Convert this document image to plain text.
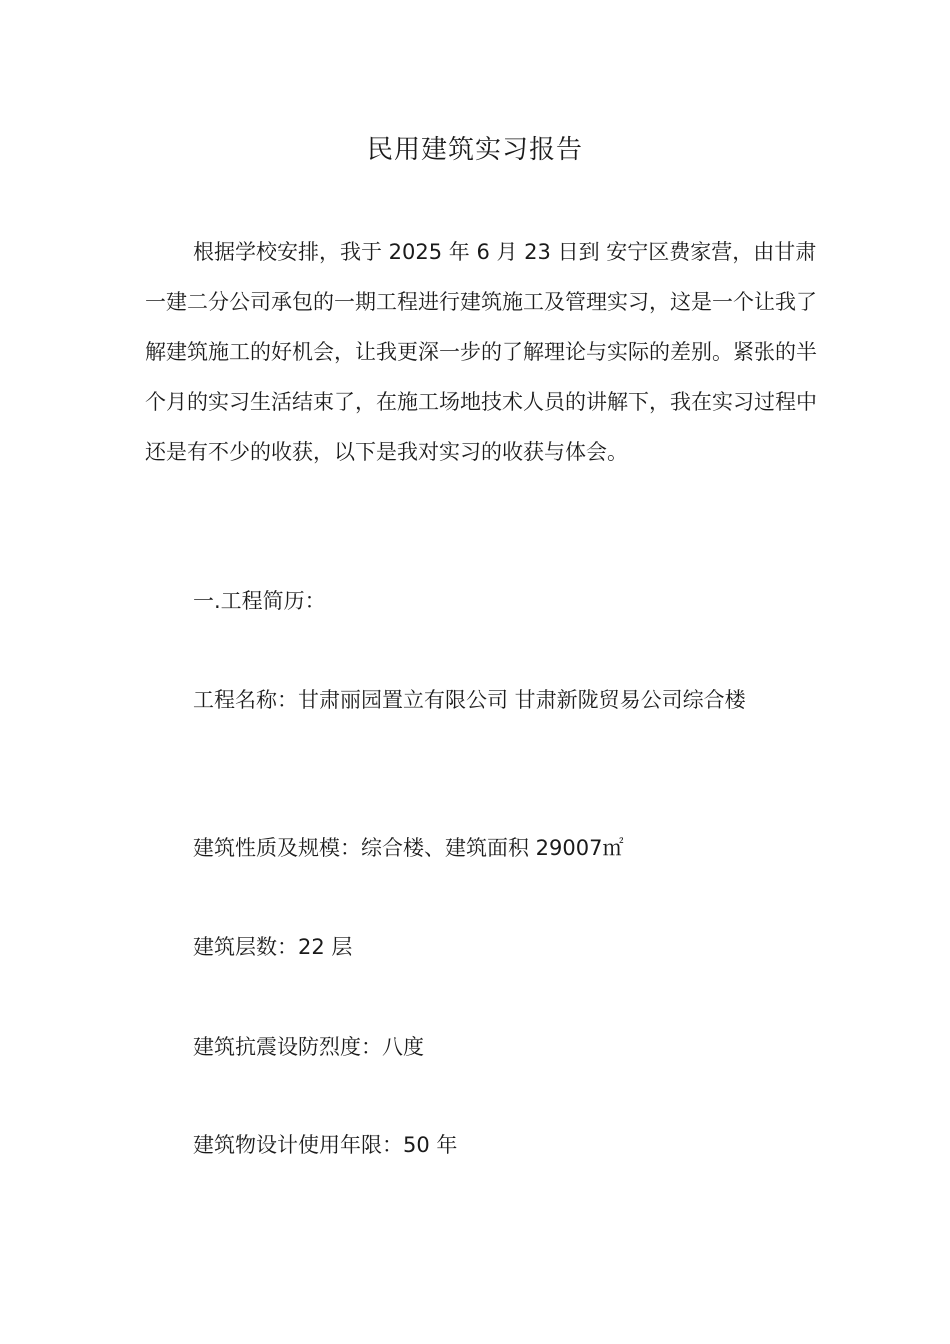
民用建筑实习报告

根据学校安排，我于 2025 年 6 月 23 日到 安宁区费家营，由甘肃一建二分公司承包的一期工程进行建筑施工及管理实习，这是一个让我了解建筑施工的好机会，让我更深一步的了解理论与实际的差别。紧张的半个月的实习生活结束了，在施工场地技术人员的讲解下，我在实习过程中还是有不少的收获，以下是我对实习的收获与体会。

一.工程简历：

工程名称：甘肃丽园置立有限公司 甘肃新陇贸易公司综合楼

建筑性质及规模：综合楼、建筑面积 29007㎡

建筑层数：22 层

建筑抗震设防烈度：八度

建筑物设计使用年限：50 年
